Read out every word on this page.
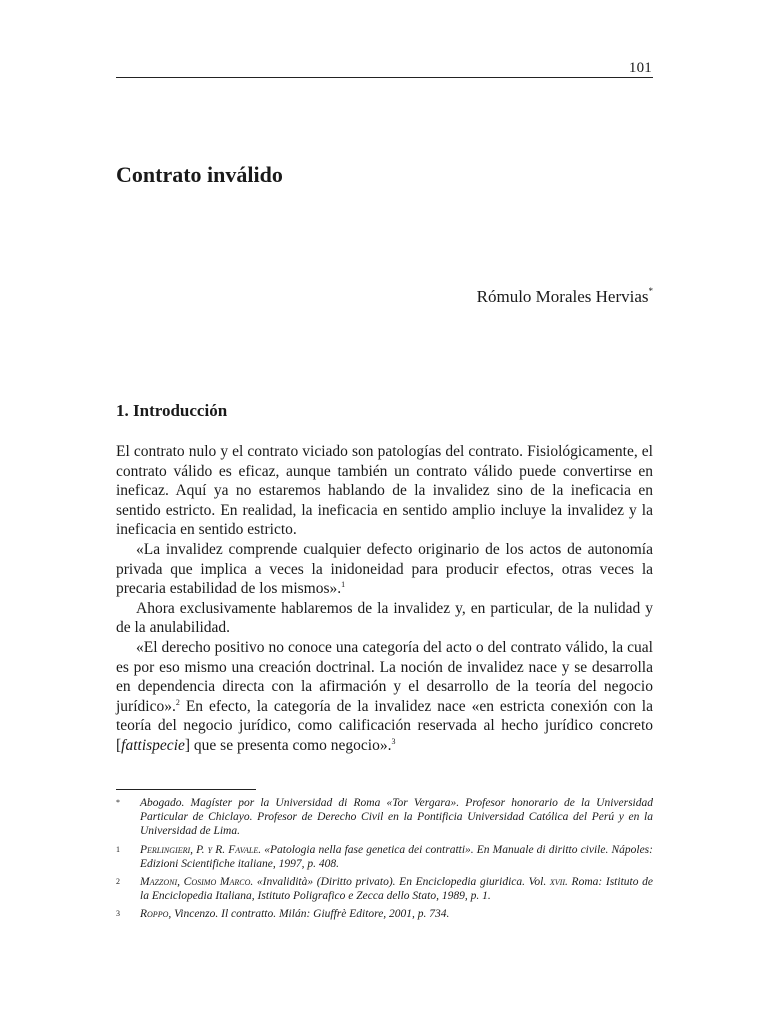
101
Contrato inválido
Rómulo Morales Hervias*
1. Introducción

El contrato nulo y el contrato viciado son patologías del contrato. Fisiológicamente, el contrato válido es eficaz, aunque también un contrato válido puede convertirse en ineficaz. Aquí ya no estaremos hablando de la invalidez sino de la ineficacia en sentido estricto. En realidad, la ineficacia en sentido amplio incluye la invalidez y la ineficacia en sentido estricto.

«La invalidez comprende cualquier defecto originario de los actos de autonomía privada que implica a veces la inidoneidad para producir efectos, otras veces la precaria estabilidad de los mismos».$^1$

Ahora exclusivamente hablaremos de la invalidez y, en particular, de la nulidad y de la anulabilidad.

«El derecho positivo no conoce una categoría del acto o del contrato válido, la cual es por eso mismo una creación doctrinal. La noción de invalidez nace y se desarrolla en dependencia directa con la afirmación y el desarrollo de la teoría del negocio jurídico».$^2$ En efecto, la categoría de la invalidez nace «en estricta conexión con la teoría del negocio jurídico, como calificación reservada al hecho jurídico concreto [fattispecie] que se presenta como negocio».$^3$

*	Abogado. Magíster por la Universidad di Roma «Tor Vergara». Profesor honorario de la Universidad Particular de Chiclayo. Profesor de Derecho Civil en la Pontificia Universidad Católica del Perú y en la Universidad de Lima.
1	Perlingieri, P. y R. Favale. «Patologia nella fase genetica dei contratti». En Manuale di diritto civile. Nápoles: Edizioni Scientifiche italiane, 1997, p. 408.
2	Mazzoni, Cosimo Marco. «Invalidità» (Diritto privato). En Enciclopedia giuridica. Vol. xvii. Roma: Istituto de la Enciclopedia Italiana, Istituto Poligrafico e Zecca dello Stato, 1989, p. 1.
3	Roppo, Vincenzo. Il contratto. Milán: Giuffrè Editore, 2001, p. 734.
